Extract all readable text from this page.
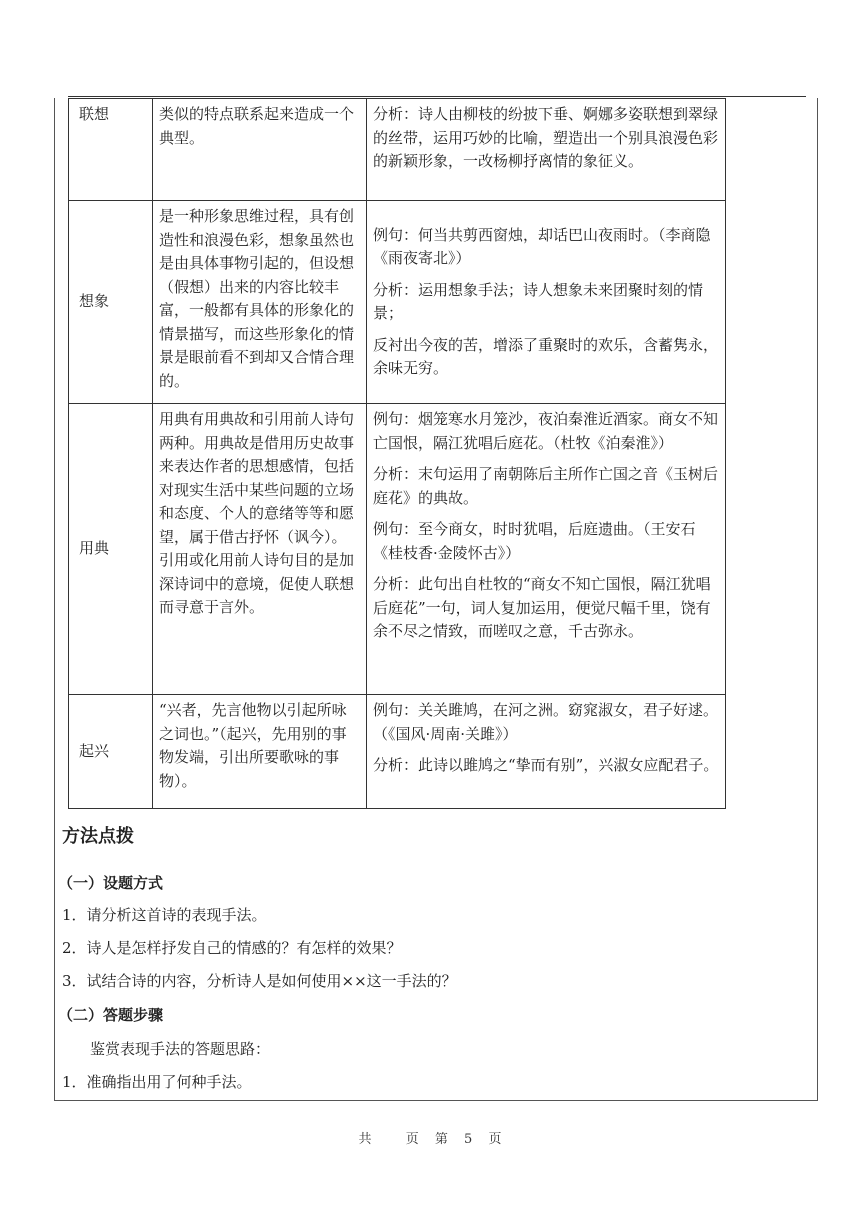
联想	类似的特点联系起来造成一个典型。	分析：诗人由柳枝的纷披下垂、婀娜多姿联想到翠绿的丝带，运用巧妙的比喻，塑造出一个别具浪漫色彩的新颖形象，一改杨柳抒离情的象征义。

想象	是一种形象思维过程，具有创造性和浪漫色彩，想象虽然也是由具体事物引起的，但设想（假想）出来的内容比较丰富，一般都有具体的形象化的情景描写，而这些形象化的情景是眼前看不到却又合情合理的。	例句：何当共剪西窗烛，却话巴山夜雨时。（李商隐《雨夜寄北》）

分析：运用想象手法；诗人想象未来团聚时刻的情景；

反衬出今夜的苦，增添了重聚时的欢乐，含蓄隽永，余味无穷。

用典	用典有用典故和引用前人诗句两种。用典故是借用历史故事来表达作者的思想感情，包括对现实生活中某些问题的立场和态度、个人的意绪等等和愿望，属于借古抒怀（讽今）。引用或化用前人诗句目的是加深诗词中的意境，促使人联想而寻意于言外。	例句：烟笼寒水月笼沙，夜泊秦淮近酒家。商女不知亡国恨，隔江犹唱后庭花。（杜牧《泊秦淮》）

分析：末句运用了南朝陈后主所作亡国之音《玉树后庭花》的典故。

例句：至今商女，时时犹唱，后庭遗曲。（王安石《桂枝香·金陵怀古》）

分析：此句出自杜牧的“商女不知亡国恨，隔江犹唱后庭花”一句，词人复加运用，便觉尺幅千里，饶有余不尽之情致，而嗟叹之意，千古弥永。

起兴	“兴者，先言他物以引起所咏之词也。”（起兴，先用别的事物发端，引出所要歌咏的事物）。	例句：关关雎鸠，在河之洲。窈窕淑女，君子好逑。（《国风·周南·关雎》）

分析：此诗以雎鸠之“挚而有别”，兴淑女应配君子。

方法点拨
（一）设题方式
1．请分析这首诗的表现手法。
2．诗人是怎样抒发自己的情感的？有怎样的效果？
3．试结合诗的内容，分析诗人是如何使用××这一手法的？
（二）答题步骤
鉴赏表现手法的答题思路：
1．准确指出用了何种手法。
共	页 第 5 页
